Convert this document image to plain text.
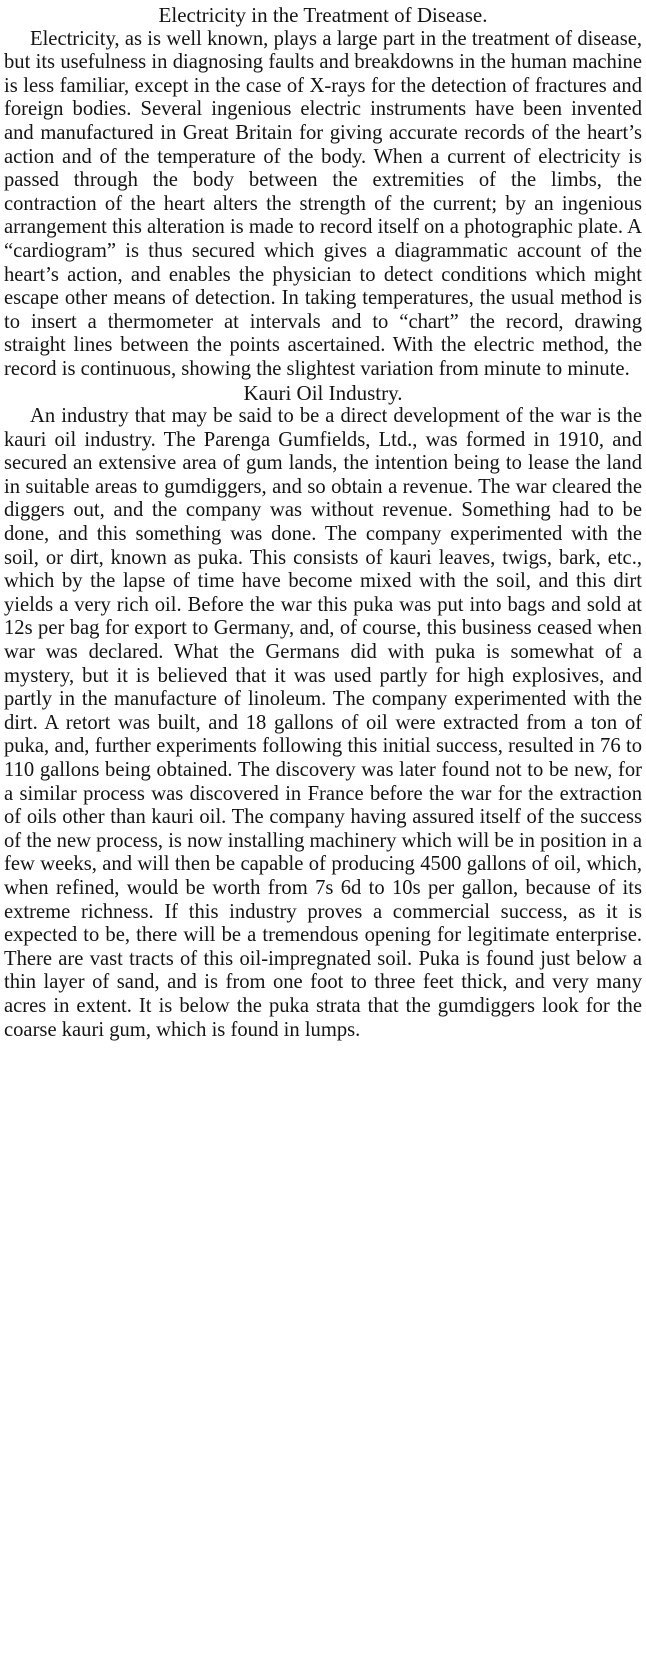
Electricity in the Treatment of Disease.

Electricity, as is well known, plays a large part in the treatment of disease, but its usefulness in diagnosing faults and breakdowns in the human machine is less familiar, except in the case of X-rays for the detection of fractures and foreign bodies. Several ingenious electric instruments have been invented and manufactured in Great Britain for giving accurate records of the heart’s action and of the temperature of the body. When a current of electricity is passed through the body between the extremities of the limbs, the contraction of the heart alters the strength of the current; by an ingenious arrangement this alteration is made to record itself on a photographic plate. A “cardiogram” is thus secured which gives a diagrammatic account of the heart’s action, and enables the physician to detect conditions which might escape other means of detection. In taking temperatures, the usual method is to insert a thermometer at intervals and to “chart” the record, drawing straight lines between the points ascertained. With the electric method, the record is continuous, showing the slightest variation from minute to minute.

Kauri Oil Industry.

An industry that may be said to be a direct development of the war is the kauri oil industry. The Parenga Gumfields, Ltd., was formed in 1910, and secured an extensive area of gum lands, the intention being to lease the land in suitable areas to gumdiggers, and so obtain a revenue. The war cleared the diggers out, and the company was without revenue. Something had to be done, and this something was done. The company experimented with the soil, or dirt, known as puka. This consists of kauri leaves, twigs, bark, etc., which by the lapse of time have become mixed with the soil, and this dirt yields a very rich oil. Before the war this puka was put into bags and sold at 12s per bag for export to Germany, and, of course, this business ceased when war was declared. What the Germans did with puka is somewhat of a mystery, but it is believed that it was used partly for high explosives, and partly in the manufacture of linoleum. The company experimented with the dirt. A retort was built, and 18 gallons of oil were extracted from a ton of puka, and, further experiments following this initial success, resulted in 76 to 110 gallons being obtained. The discovery was later found not to be new, for a similar process was discovered in France before the war for the extraction of oils other than kauri oil. The company having assured itself of the success of the new process, is now installing machinery which will be in position in a few weeks, and will then be capable of producing 4500 gallons of oil, which, when refined, would be worth from 7s 6d to 10s per gallon, because of its extreme richness. If this industry proves a commercial success, as it is expected to be, there will be a tremendous opening for legitimate enterprise. There are vast tracts of this oil-impregnated soil. Puka is found just below a thin layer of sand, and is from one foot to three feet thick, and very many acres in extent. It is below the puka strata that the gumdiggers look for the coarse kauri gum, which is found in lumps.
